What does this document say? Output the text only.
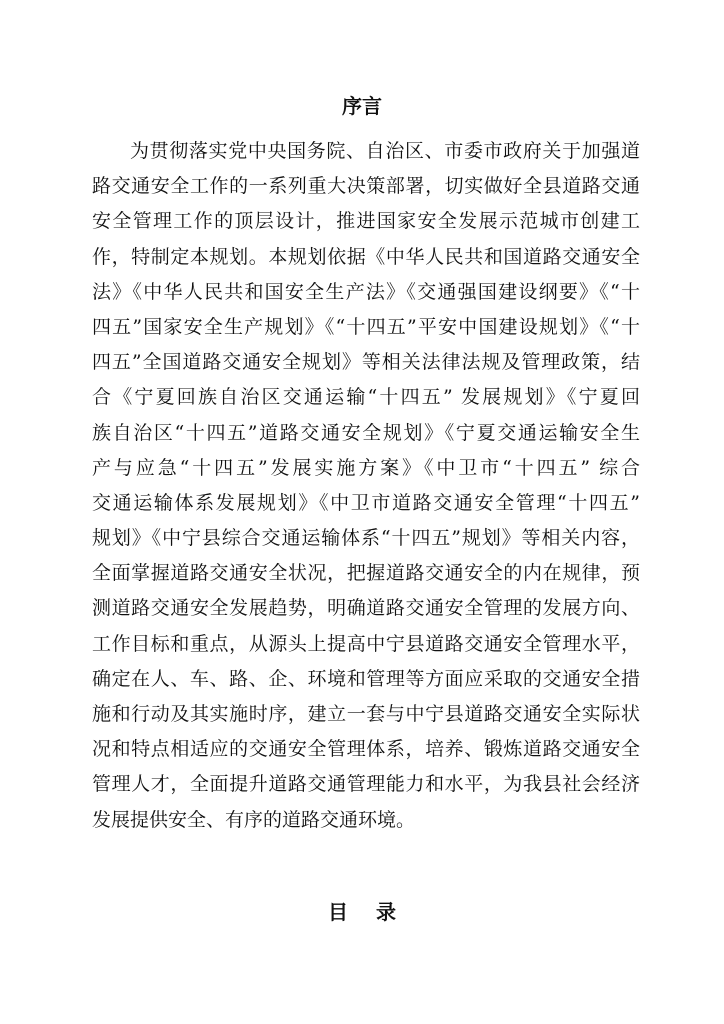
序言
为贯彻落实党中央国务院、自治区、市委市政府关于加强道
路交通安全工作的一系列重大决策部署，切实做好全县道路交通
安全管理工作的顶层设计，推进国家安全发展示范城市创建工
作，特制定本规划。本规划依据《中华人民共和国道路交通安全
法》《中华人民共和国安全生产法》《交通强国建设纲要》《“十
四五”国家安全生产规划》《“十四五”平安中国建设规划》《“十
四五”全国道路交通安全规划》等相关法律法规及管理政策，结
合《宁夏回族自治区交通运输“十四五” 发展规划》《宁夏回
族自治区“十四五”道路交通安全规划》《宁夏交通运输安全生
产与应急“十四五”发展实施方案》《中卫市“十四五” 综合
交通运输体系发展规划》《中卫市道路交通安全管理“十四五”
规划》《中宁县综合交通运输体系“十四五”规划》等相关内容，
全面掌握道路交通安全状况，把握道路交通安全的内在规律，预
测道路交通安全发展趋势，明确道路交通安全管理的发展方向、
工作目标和重点，从源头上提高中宁县道路交通安全管理水平，
确定在人、车、路、企、环境和管理等方面应采取的交通安全措
施和行动及其实施时序，建立一套与中宁县道路交通安全实际状
况和特点相适应的交通安全管理体系，培养、锻炼道路交通安全
管理人才，全面提升道路交通管理能力和水平，为我县社会经济
发展提供安全、有序的道路交通环境。
目 录
